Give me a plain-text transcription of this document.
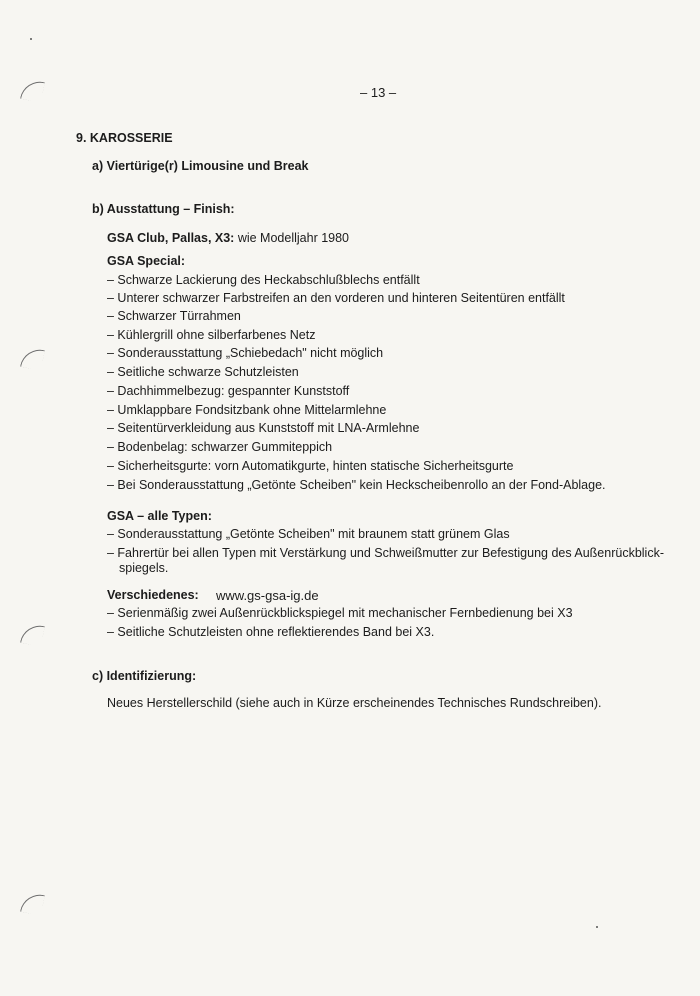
– 13 –
9. KAROSSERIE
a) Viertürige(r) Limousine und Break
b) Ausstattung – Finish:
GSA Club, Pallas, X3: wie Modelljahr 1980
GSA Special:
– Schwarze Lackierung des Heckabschlußblechs entfällt
– Unterer schwarzer Farbstreifen an den vorderen und hinteren Seitentüren entfällt
– Schwarzer Türrahmen
– Kühlergrill ohne silberfarbenes Netz
– Sonderausstattung „Schiebedach" nicht möglich
– Seitliche schwarze Schutzleisten
– Dachhimmelbezug: gespannter Kunststoff
– Umklappbare Fondsitzbank ohne Mittelarmlehne
– Seitentürverkleidung aus Kunststoff mit LNA-Armlehne
– Bodenbelag: schwarzer Gummiteppich
– Sicherheitsgurte: vorn Automatikgurte, hinten statische Sicherheitsgurte
– Bei Sonderausstattung „Getönte Scheiben" kein Heckscheibenrollo an der Fond-Ablage.
GSA – alle Typen:
– Sonderausstattung „Getönte Scheiben" mit braunem statt grünem Glas
– Fahrertür bei allen Typen mit Verstärkung und Schweißmutter zur Befestigung des Außenrückblick-
spiegels.
Verschiedenes: www.gs-gsa-ig.de
– Serienmäßig zwei Außenrückblickspiegel mit mechanischer Fernbedienung bei X3
– Seitliche Schutzleisten ohne reflektierendes Band bei X3.
c) Identifizierung:
Neues Herstellerschild (siehe auch in Kürze erscheinendes Technisches Rundschreiben).
